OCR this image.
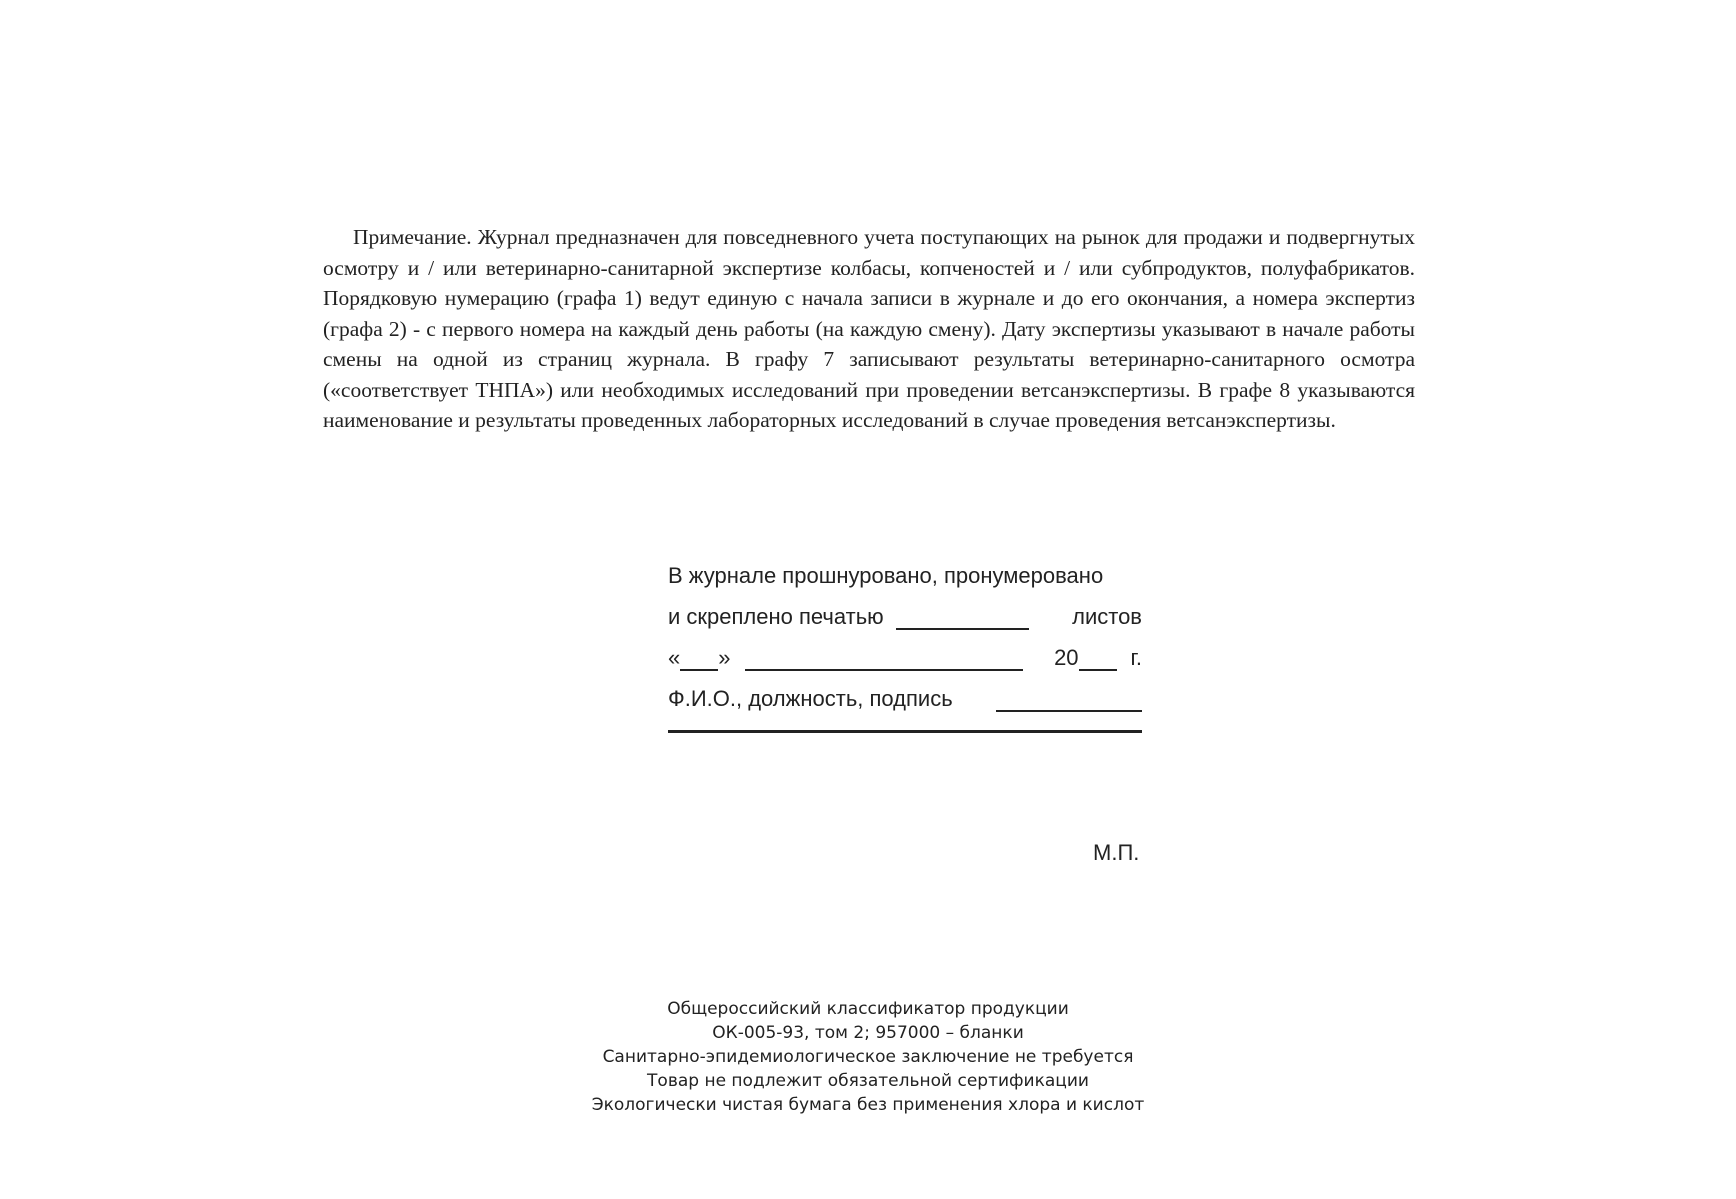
Примечание. Журнал предназначен для повседневного учета поступающих на рынок для продажи и подвергнутых осмотру и / или ветеринарно-санитарной экспертизе колбасы, копченостей и / или субпродуктов, полуфабрикатов. Порядковую нумерацию (графа 1) ведут единую с начала записи в журнале и до его окончания, а номера экспертиз (графа 2) - с первого номера на каждый день работы (на каждую смену). Дату экспертизы указывают в начале работы смены на одной из страниц журнала. В графу 7 записывают результаты ветеринарно-санитарного осмотра («соответствует ТНПА») или необходимых исследований при проведении ветсанэкспертизы. В графе 8 указываются наименование и результаты проведенных лабораторных исследований в случае проведения ветсанэкспертизы.

В журнале прошнуровано, пронумеровано
и скреплено печатью	листов
« »	20 г.
Ф.И.О., должность, подпись
М.П.
Общероссийский классификатор продукции
ОК-005-93, том 2; 957000 – бланки
Санитарно-эпидемиологическое заключение не требуется
Товар не подлежит обязательной сертификации
Экологически чистая бумага без применения хлора и кислот
